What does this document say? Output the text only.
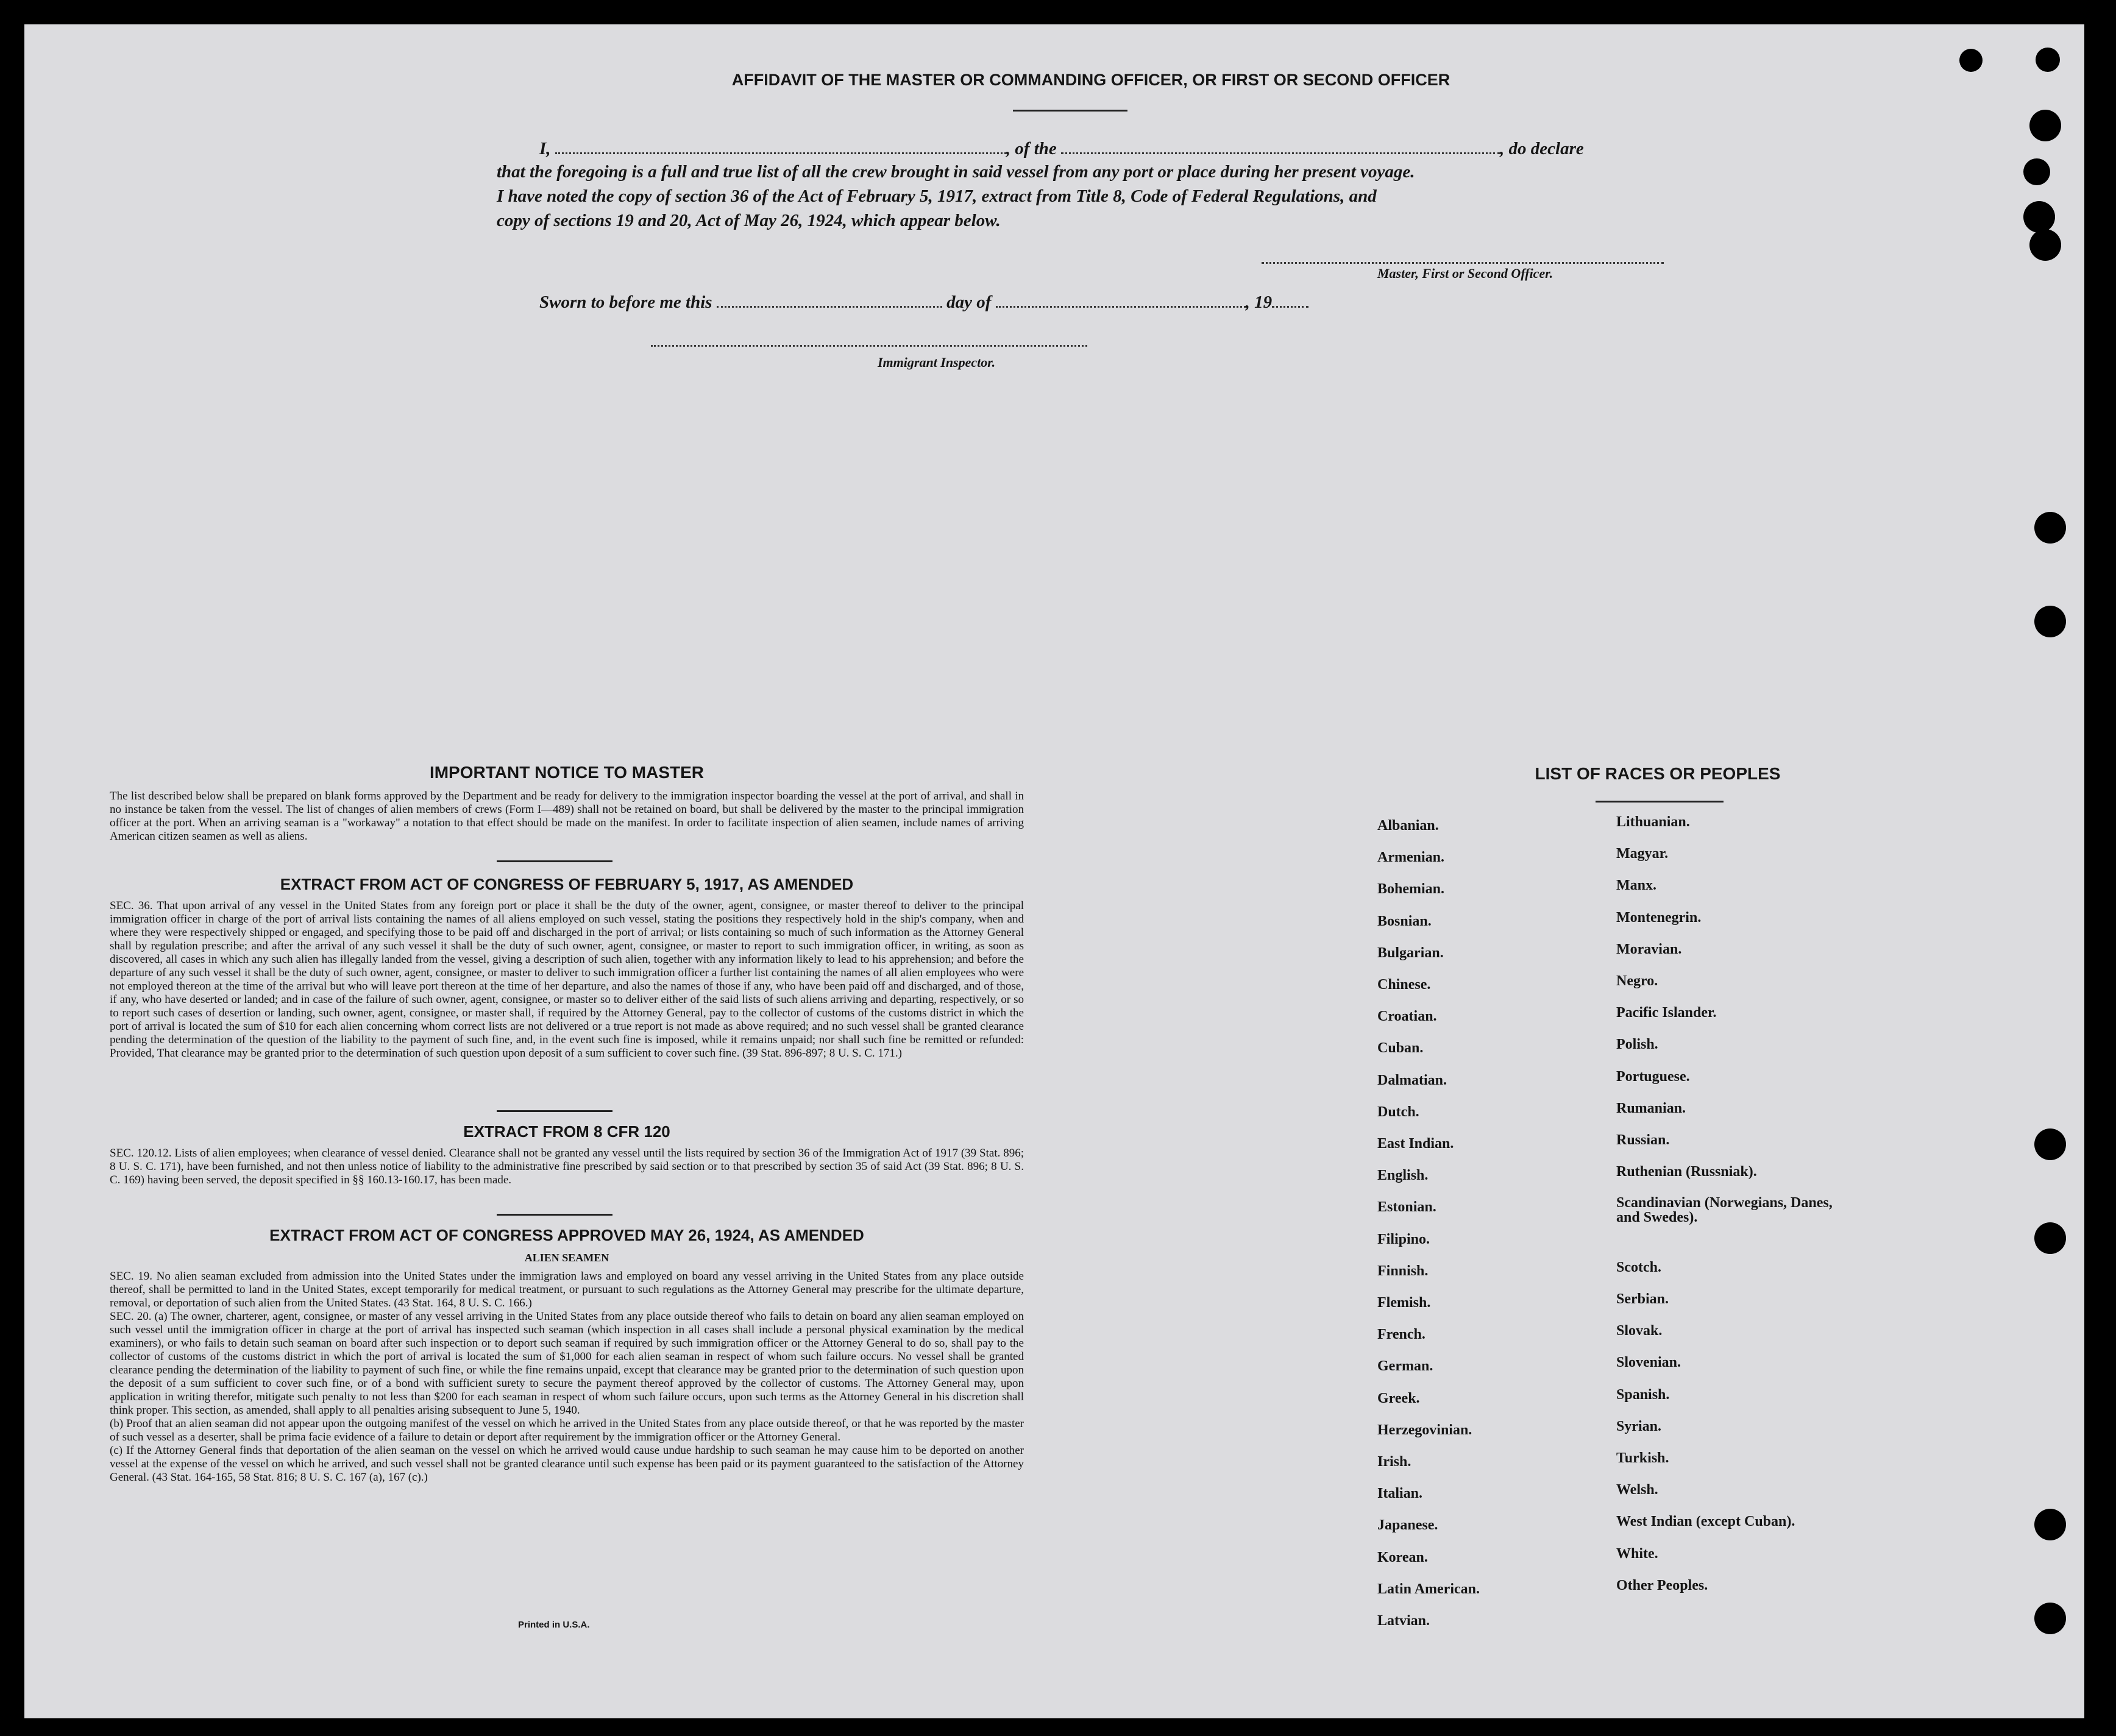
AFFIDAVIT OF THE MASTER OR COMMANDING OFFICER, OR FIRST OR SECOND OFFICER
I,	, of the	, do declare
that the foregoing is a full and true list of all the crew brought in said vessel from any port or place during her present voyage.
I have noted the copy of section 36 of the Act of February 5, 1917, extract from Title 8, Code of Federal Regulations, and
copy of sections 19 and 20, Act of May 26, 1924, which appear below.
Master, First or Second Officer.
Sworn to before me this	day of	, 19
Immigrant Inspector.
IMPORTANT NOTICE TO MASTER
The list described below shall be prepared on blank forms approved by the Department and be ready for delivery to the immigration inspector boarding the vessel at the port of arrival, and shall in no instance be taken from the vessel. The list of changes of alien members of crews (Form I—489) shall not be retained on board, but shall be delivered by the master to the principal immigration officer at the port. When an arriving seaman is a "workaway" a notation to that effect should be made on the manifest. In order to facilitate inspection of alien seamen, include names of arriving American citizen seamen as well as aliens.
EXTRACT FROM ACT OF CONGRESS OF FEBRUARY 5, 1917, AS AMENDED
SEC. 36. That upon arrival of any vessel in the United States from any foreign port or place it shall be the duty of the owner, agent, consignee, or master thereof to deliver to the principal immigration officer in charge of the port of arrival lists containing the names of all aliens employed on such vessel, stating the positions they respectively hold in the ship's company, when and where they were respectively shipped or engaged, and specifying those to be paid off and discharged in the port of arrival; or lists containing so much of such information as the Attorney General shall by regulation prescribe; and after the arrival of any such vessel it shall be the duty of such owner, agent, consignee, or master to report to such immigration officer, in writing, as soon as discovered, all cases in which any such alien has illegally landed from the vessel, giving a description of such alien, together with any information likely to lead to his apprehension; and before the departure of any such vessel it shall be the duty of such owner, agent, consignee, or master to deliver to such immigration officer a further list containing the names of all alien employees who were not employed thereon at the time of the arrival but who will leave port thereon at the time of her departure, and also the names of those if any, who have been paid off and discharged, and of those, if any, who have deserted or landed; and in case of the failure of such owner, agent, consignee, or master so to deliver either of the said lists of such aliens arriving and departing, respectively, or so to report such cases of desertion or landing, such owner, agent, consignee, or master shall, if required by the Attorney General, pay to the collector of customs of the customs district in which the port of arrival is located the sum of $10 for each alien concerning whom correct lists are not delivered or a true report is not made as above required; and no such vessel shall be granted clearance pending the determination of the question of the liability to the payment of such fine, and, in the event such fine is imposed, while it remains unpaid; nor shall such fine be remitted or refunded: Provided, That clearance may be granted prior to the determination of such question upon deposit of a sum sufficient to cover such fine. (39 Stat. 896-897; 8 U. S. C. 171.)
EXTRACT FROM 8 CFR 120
SEC. 120.12. Lists of alien employees; when clearance of vessel denied. Clearance shall not be granted any vessel until the lists required by section 36 of the Immigration Act of 1917 (39 Stat. 896; 8 U. S. C. 171), have been furnished, and not then unless notice of liability to the administrative fine prescribed by said section or to that prescribed by section 35 of said Act (39 Stat. 896; 8 U. S. C. 169) having been served, the deposit specified in §§ 160.13-160.17, has been made.
EXTRACT FROM ACT OF CONGRESS APPROVED MAY 26, 1924, AS AMENDED
ALIEN SEAMEN
SEC. 19. No alien seaman excluded from admission into the United States under the immigration laws and employed on board any vessel arriving in the United States from any place outside thereof, shall be permitted to land in the United States, except temporarily for medical treatment, or pursuant to such regulations as the Attorney General may prescribe for the ultimate departure, removal, or deportation of such alien from the United States. (43 Stat. 164, 8 U. S. C. 166.)
SEC. 20. (a) The owner, charterer, agent, consignee, or master of any vessel arriving in the United States from any place outside thereof who fails to detain on board any alien seaman employed on such vessel until the immigration officer in charge at the port of arrival has inspected such seaman (which inspection in all cases shall include a personal physical examination by the medical examiners), or who fails to detain such seaman on board after such inspection or to deport such seaman if required by such immigration officer or the Attorney General to do so, shall pay to the collector of customs of the customs district in which the port of arrival is located the sum of $1,000 for each alien seaman in respect of whom such failure occurs. No vessel shall be granted clearance pending the determination of the liability to payment of such fine, or while the fine remains unpaid, except that clearance may be granted prior to the determination of such question upon the deposit of a sum sufficient to cover such fine, or of a bond with sufficient surety to secure the payment thereof approved by the collector of customs. The Attorney General may, upon application in writing therefor, mitigate such penalty to not less than $200 for each seaman in respect of whom such failure occurs, upon such terms as the Attorney General in his discretion shall think proper. This section, as amended, shall apply to all penalties arising subsequent to June 5, 1940.
(b) Proof that an alien seaman did not appear upon the outgoing manifest of the vessel on which he arrived in the United States from any place outside thereof, or that he was reported by the master of such vessel as a deserter, shall be prima facie evidence of a failure to detain or deport after requirement by the immigration officer or the Attorney General.
(c) If the Attorney General finds that deportation of the alien seaman on the vessel on which he arrived would cause undue hardship to such seaman he may cause him to be deported on another vessel at the expense of the vessel on which he arrived, and such vessel shall not be granted clearance until such expense has been paid or its payment guaranteed to the satisfaction of the Attorney General. (43 Stat. 164-165, 58 Stat. 816; 8 U. S. C. 167 (a), 167 (c).)
Printed in U.S.A.
LIST OF RACES OR PEOPLES
Albanian.
Armenian.
Bohemian.
Bosnian.
Bulgarian.
Chinese.
Croatian.
Cuban.
Dalmatian.
Dutch.
East Indian.
English.
Estonian.
Filipino.
Finnish.
Flemish.
French.
German.
Greek.
Herzegovinian.
Irish.
Italian.
Japanese.
Korean.
Latin American.
Latvian.
Lithuanian.
Magyar.
Manx.
Montenegrin.
Moravian.
Negro.
Pacific Islander.
Polish.
Portuguese.
Rumanian.
Russian.
Ruthenian (Russniak).
Scandinavian (Norwegians, Danes, and Swedes).
Scotch.
Serbian.
Slovak.
Slovenian.
Spanish.
Syrian.
Turkish.
Welsh.
West Indian (except Cuban).
White.
Other Peoples.
